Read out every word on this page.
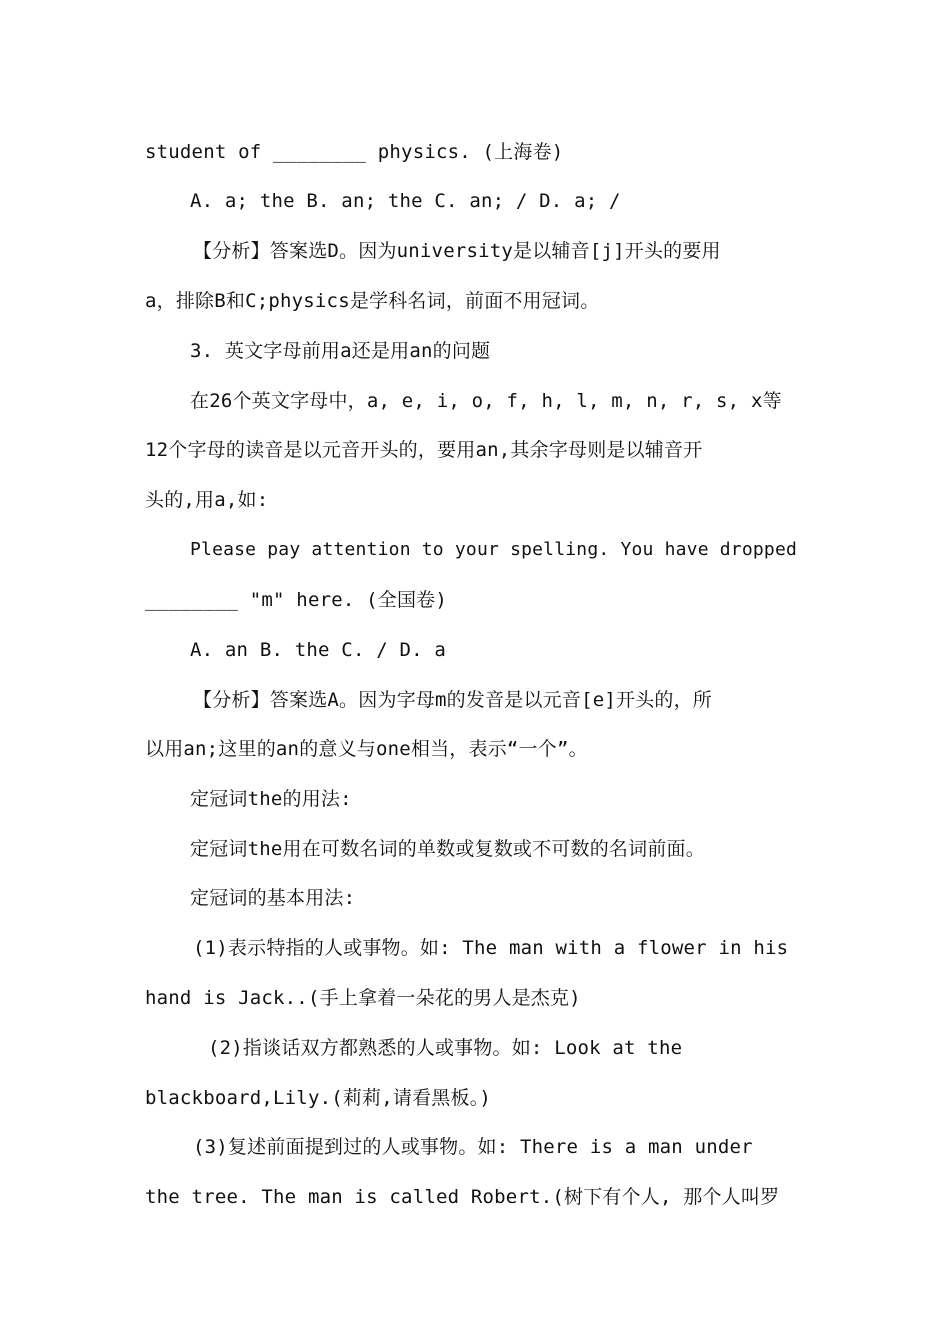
student of ________ physics. (上海卷)
A. a; the B. an; the C. an; / D. a; /
【分析】答案选D。因为university是以辅音[j]开头的要用
a，排除B和C;physics是学科名词，前面不用冠词。
3. 英文字母前用a还是用an的问题
在26个英文字母中，a, e, i, o, f, h, l, m, n, r, s, x等
12个字母的读音是以元音开头的，要用an,其余字母则是以辅音开
头的,用a,如:
Please pay attention to your spelling. You have dropped
________ "m" here. (全国卷)
A. an B. the C. / D. a
【分析】答案选A。因为字母m的发音是以元音[e]开头的，所
以用an;这里的an的意义与one相当，表示“一个”。
定冠词the的用法:
定冠词the用在可数名词的单数或复数或不可数的名词前面。
定冠词的基本用法:
(1)表示特指的人或事物。如: The man with a flower in his
hand is Jack..(手上拿着一朵花的男人是杰克)
(2)指谈话双方都熟悉的人或事物。如: Look at the
blackboard,Lily.(莉莉,请看黑板。)
(3)复述前面提到过的人或事物。如: There is a man under
the tree. The man is called Robert.(树下有个人, 那个人叫罗
